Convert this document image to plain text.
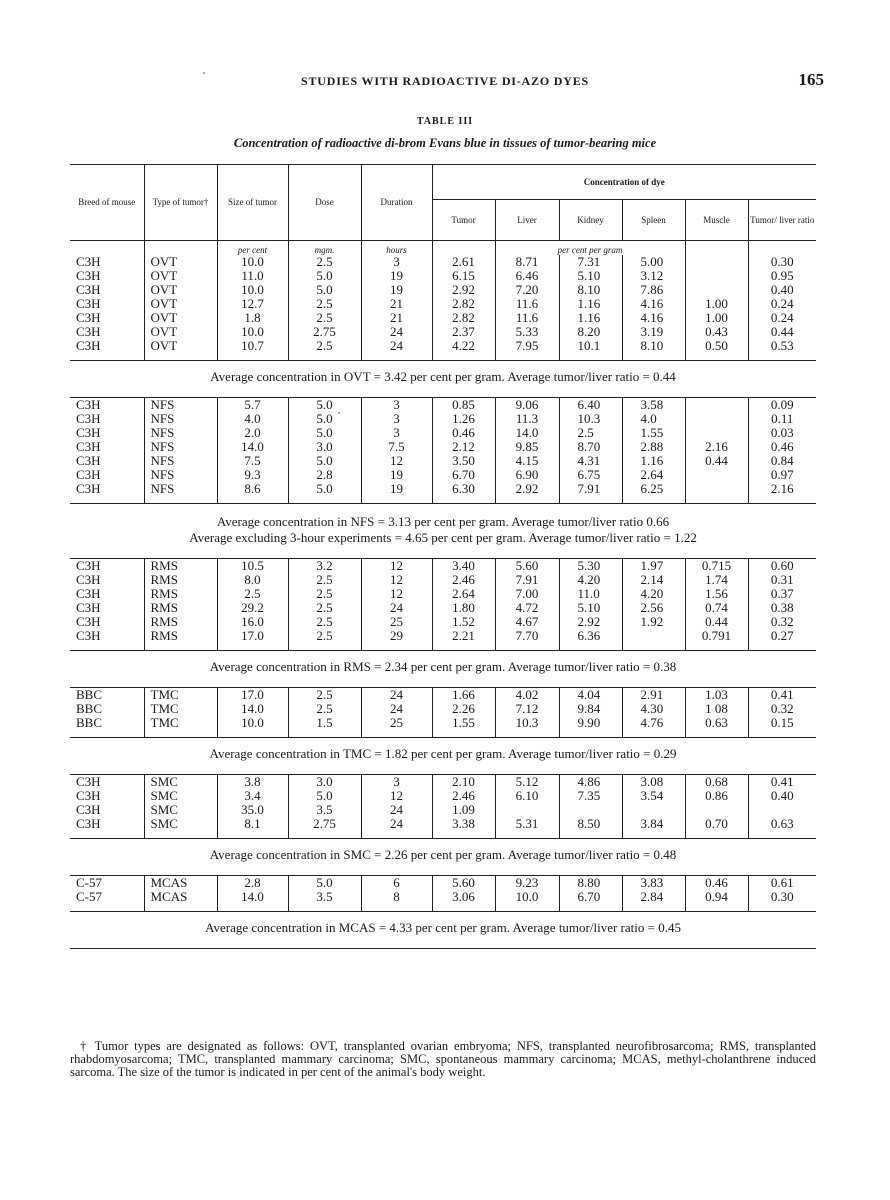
STUDIES WITH RADIOACTIVE DI-AZO DYES	165
TABLE III
Concentration of radioactive di-brom Evans blue in tissues of tumor-bearing mice
Breed of mouse	Type of tumor†	Size of tumor	Dose	Duration	Concentration of dye					
					Tumor	Liver	Kidney	Spleen	Muscle	Tumor/ liver ratio
		per cent	mgm.	hours		per cent per gram				
C3H	OVT	10.0	2.5	3	2.61	8.71	7.31	5.00		0.30
C3H	OVT	11.0	5.0	19	6.15	6.46	5.10	3.12		0.95
C3H	OVT	10.0	5.0	19	2.92	7.20	8.10	7.86		0.40
C3H	OVT	12.7	2.5	21	2.82	11.6	1.16	4.16	1.00	0.24
C3H	OVT	1.8	2.5	21	2.82	11.6	1.16	4.16	1.00	0.24
C3H	OVT	10.0	2.75	24	2.37	5.33	8.20	3.19	0.43	0.44
C3H	OVT	10.7	2.5	24	4.22	7.95	10.1	8.10	0.50	0.53

Average concentration in OVT = 3.42 per cent per gram. Average tumor/liver ratio = 0.44										

C3H	NFS	5.7	5.0	3	0.85	9.06	6.40	3.58		0.09
C3H	NFS	4.0	5.0	3	1.26	11.3	10.3	4.0		0.11
C3H	NFS	2.0	5.0	3	0.46	14.0	2.5	1.55		0.03
C3H	NFS	14.0	3.0	7.5	2.12	9.85	8.70	2.88	2.16	0.46
C3H	NFS	7.5	5.0	12	3.50	4.15	4.31	1.16	0.44	0.84
C3H	NFS	9.3	2.8	19	6.70	6.90	6.75	2.64		0.97
C3H	NFS	8.6	5.0	19	6.30	2.92	7.91	6.25		2.16

Average concentration in NFS = 3.13 per cent per gram. Average tumor/liver ratio 0.66
Average excluding 3-hour experiments = 4.65 per cent per gram. Average tumor/liver ratio = 1.22										

C3H	RMS	10.5	3.2	12	3.40	5.60	5.30	1.97	0.715	0.60
C3H	RMS	8.0	2.5	12	2.46	7.91	4.20	2.14	1.74	0.31
C3H	RMS	2.5	2.5	12	2.64	7.00	11.0	4.20	1.56	0.37
C3H	RMS	29.2	2.5	24	1.80	4.72	5.10	2.56	0.74	0.38
C3H	RMS	16.0	2.5	25	1.52	4.67	2.92	1.92	0.44	0.32
C3H	RMS	17.0	2.5	29	2.21	7.70	6.36		0.791	0.27

Average concentration in RMS = 2.34 per cent per gram. Average tumor/liver ratio = 0.38										

BBC	TMC	17.0	2.5	24	1.66	4.02	4.04	2.91	1.03	0.41
BBC	TMC	14.0	2.5	24	2.26	7.12	9.84	4.30	1 08	0.32
BBC	TMC	10.0	1.5	25	1.55	10.3	9.90	4.76	0.63	0.15

Average concentration in TMC = 1.82 per cent per gram. Average tumor/liver ratio = 0.29										

C3H	SMC	3.8	3.0	3	2.10	5.12	4.86	3.08	0.68	0.41
C3H	SMC	3.4	5.0	12	2.46	6.10	7.35	3.54	0.86	0.40
C3H	SMC	35.0	3.5	24	1.09					
C3H	SMC	8.1	2.75	24	3.38	5.31	8.50	3.84	0.70	0.63

Average concentration in SMC = 2.26 per cent per gram. Average tumor/liver ratio = 0.48										

C-57	MCAS	2.8	5.0	6	5.60	9.23	8.80	3.83	0.46	0.61
C-57	MCAS	14.0	3.5	8	3.06	10.0	6.70	2.84	0.94	0.30

Average concentration in MCAS = 4.33 per cent per gram. Average tumor/liver ratio = 0.45										
† Tumor types are designated as follows: OVT, transplanted ovarian embryoma; NFS, transplanted neurofibrosarcoma; RMS, transplanted rhabdomyosarcoma; TMC, transplanted mammary carcinoma; SMC, spontaneous mammary carcinoma; MCAS, methyl-cholanthrene induced sarcoma. The size of the tumor is indicated in per cent of the animal's body weight.
